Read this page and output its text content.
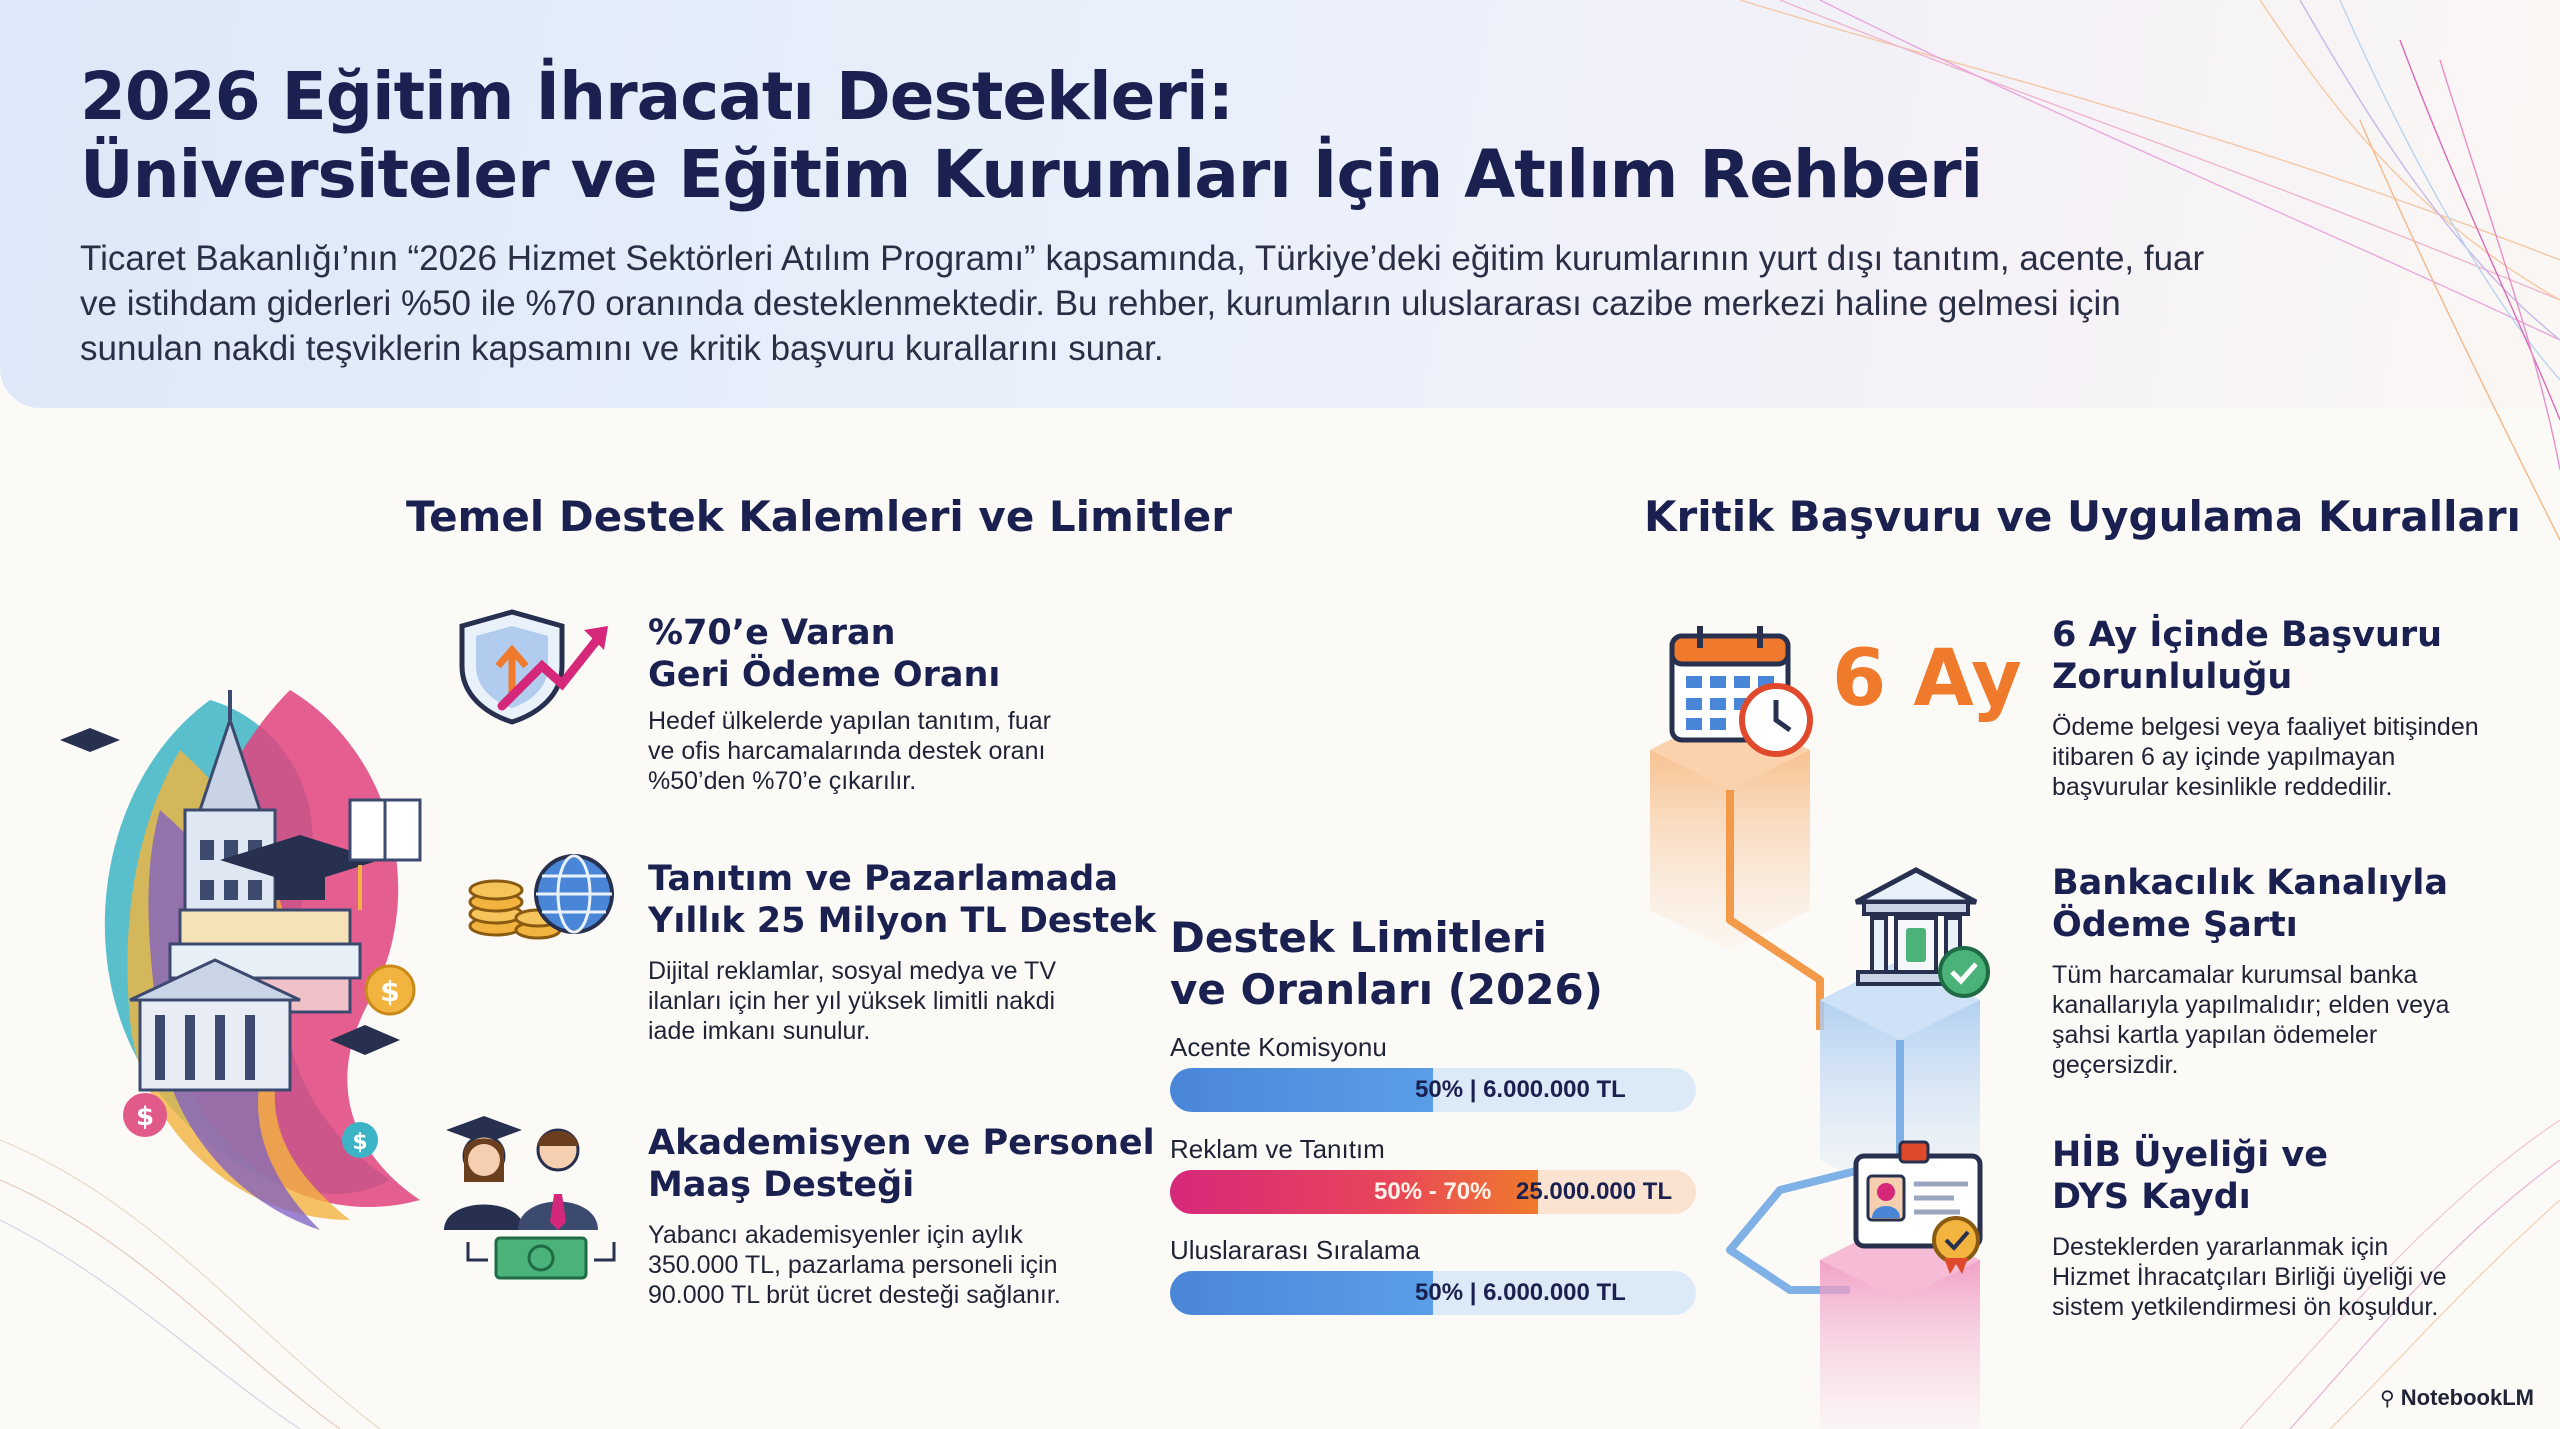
2026 Eğitim İhracatı Destekleri:
Üniversiteler ve Eğitim Kurumları İçin Atılım Rehberi
Ticaret Bakanlığı’nın “2026 Hizmet Sektörleri Atılım Programı” kapsamında, Türkiye’deki eğitim kurumlarının yurt dışı tanıtım, acente, fuar ve istihdam giderleri %50 ile %70 oranında desteklenmektedir. Bu rehber, kurumların uluslararası cazibe merkezi haline gelmesi için sunulan nakdi teşviklerin kapsamını ve kritik başvuru kurallarını sunar.
Temel Destek Kalemleri ve Limitler
$
$
$
%70’e Varan
Geri Ödeme Oranı
Hedef ülkelerde yapılan tanıtım, fuar
ve ofis harcamalarında destek oranı
%50’den %70’e çıkarılır.
Tanıtım ve Pazarlamada
Yıllık 25 Milyon TL Destek
Dijital reklamlar, sosyal medya ve TV
ilanları için her yıl yüksek limitli nakdi
iade imkanı sunulur.
Akademisyen ve Personel
Maaş Desteği
Yabancı akademisyenler için aylık
350.000 TL, pazarlama personeli için
90.000 TL brüt ücret desteği sağlanır.
Destek Limitleri
ve Oranları (2026)
Acente Komisyonu
50% | 6.000.000 TL
Reklam ve Tanıtım
50% - 70% 25.000.000 TL
Uluslararası Sıralama
50% | 6.000.000 TL
Kritik Başvuru ve Uygulama Kuralları
6 Ay 6 Ay İçinde Başvuru
Zorunluluğu
Ödeme belgesi veya faaliyet bitişinden
itibaren 6 ay içinde yapılmayan
başvurular kesinlikle reddedilir.
Bankacılık Kanalıyla
Ödeme Şartı
Tüm harcamalar kurumsal banka
kanallarıyla yapılmalıdır; elden veya
şahsi kartla yapılan ödemeler
geçersizdir.
HİB Üyeliği ve
DYS Kaydı
Desteklerden yararlanmak için
Hizmet İhracatçıları Birliği üyeliği ve
sistem yetkilendirmesi ön koşuldur.
⚲ NotebookLM
